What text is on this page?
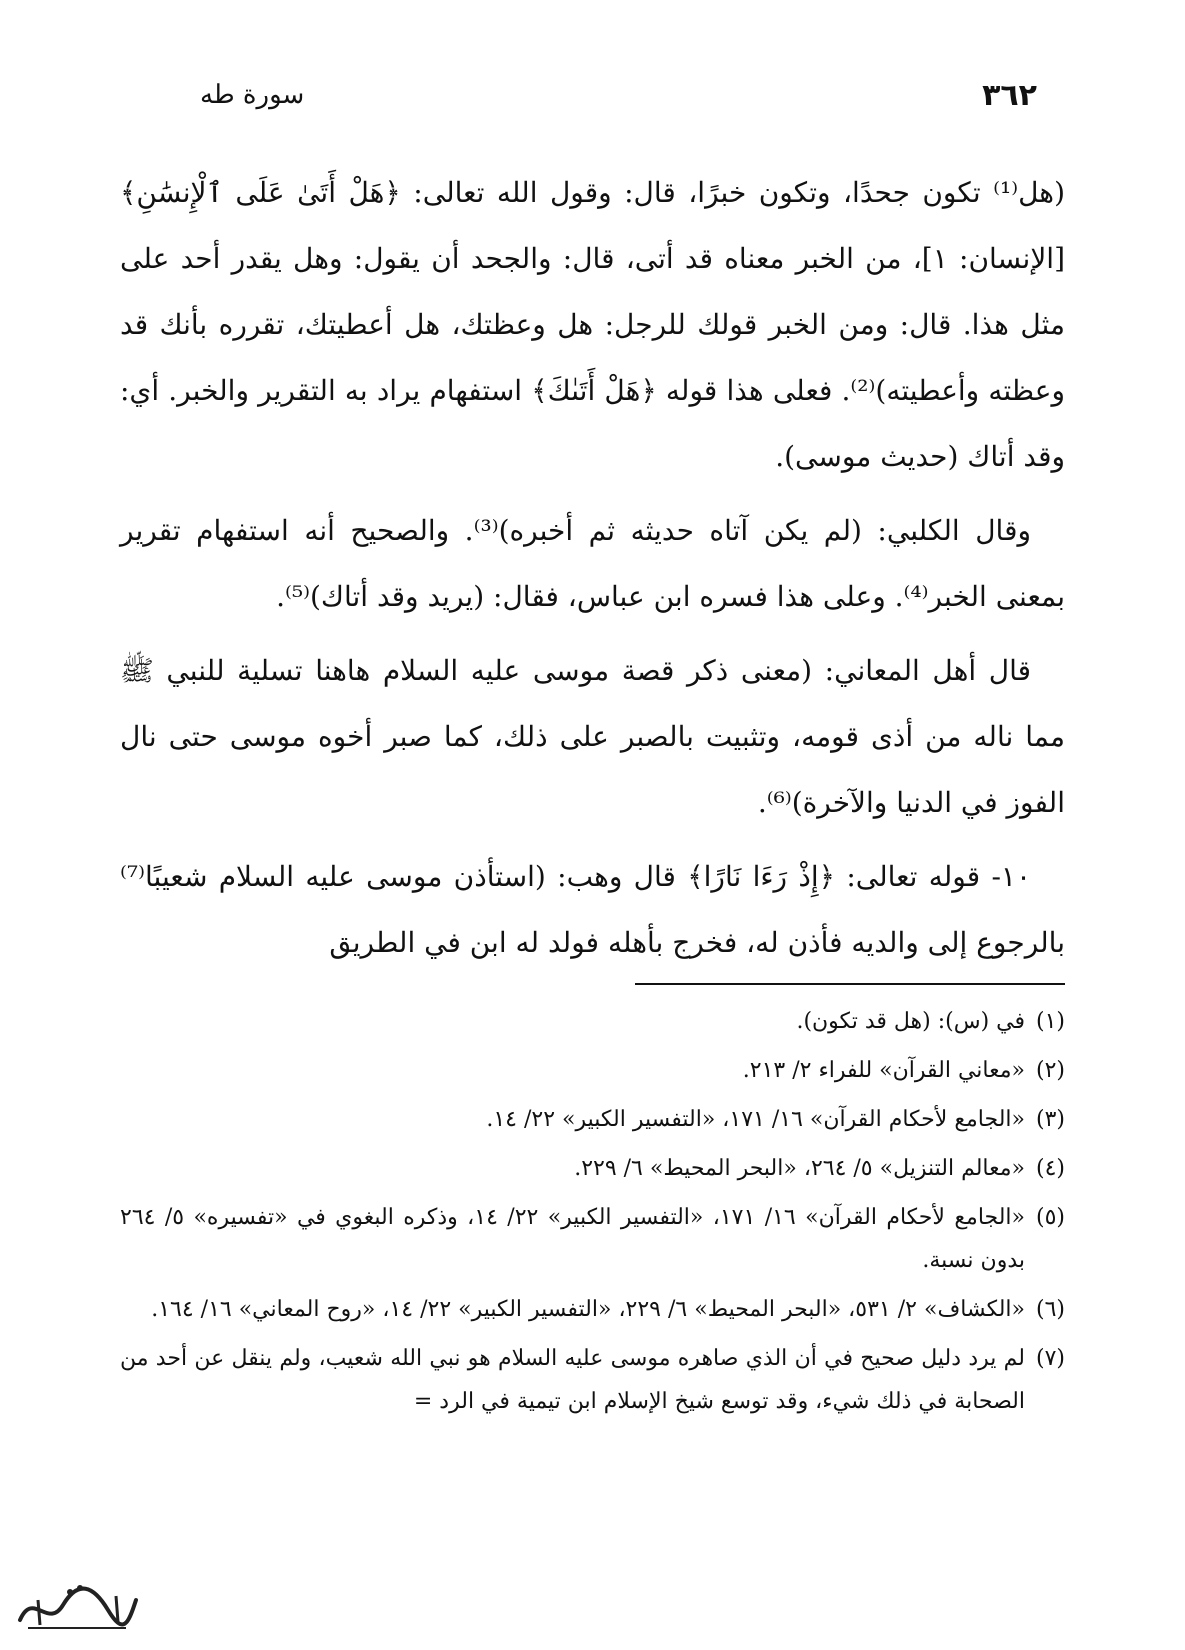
٣٦٢
سورة طه

(هل⁽¹⁾ تكون جحدًا، وتكون خبرًا، قال: وقول الله تعالى: ﴿هَلْ أَتَىٰ عَلَى ٱلْإِنسَٰنِ﴾ [الإنسان: ١]، من الخبر معناه قد أتى، قال: والجحد أن يقول: وهل يقدر أحد على مثل هذا. قال: ومن الخبر قولك للرجل: هل وعظتك، هل أعطيتك، تقرره بأنك قد وعظته وأعطيته)⁽²⁾. فعلى هذا قوله ﴿هَلْ أَتَىٰكَ﴾ استفهام يراد به التقرير والخبر. أي: وقد أتاك (حديث موسى).

وقال الكلبي: (لم يكن آتاه حديثه ثم أخبره)⁽³⁾. والصحيح أنه استفهام تقرير بمعنى الخبر⁽⁴⁾. وعلى هذا فسره ابن عباس، فقال: (يريد وقد أتاك)⁽⁵⁾.

قال أهل المعاني: (معنى ذكر قصة موسى عليه السلام هاهنا تسلية للنبي ﷺ مما ناله من أذى قومه، وتثبيت بالصبر على ذلك، كما صبر أخوه موسى حتى نال الفوز في الدنيا والآخرة)⁽⁶⁾.

١٠- قوله تعالى: ﴿إِذْ رَءَا نَارًا﴾ قال وهب: (استأذن موسى عليه السلام شعيبًا⁽⁷⁾ بالرجوع إلى والديه فأذن له، فخرج بأهله فولد له ابن في الطريق

(١)
في (س): (هل قد تكون).
(٢)
«معاني القرآن» للفراء ٢/ ٢١٣.
(٣)
«الجامع لأحكام القرآن» ١٦/ ١٧١، «التفسير الكبير» ٢٢/ ١٤.
(٤)
«معالم التنزيل» ٥/ ٢٦٤، «البحر المحيط» ٦/ ٢٢٩.
(٥)
«الجامع لأحكام القرآن» ١٦/ ١٧١، «التفسير الكبير» ٢٢/ ١٤، وذكره البغوي في «تفسيره» ٥/ ٢٦٤ بدون نسبة.
(٦)
«الكشاف» ٢/ ٥٣١، «البحر المحيط» ٦/ ٢٢٩، «التفسير الكبير» ٢٢/ ١٤، «روح المعاني» ١٦/ ١٦٤.
(٧)
لم يرد دليل صحيح في أن الذي صاهره موسى عليه السلام هو نبي الله شعيب، ولم ينقل عن أحد من الصحابة في ذلك شيء، وقد توسع شيخ الإسلام ابن تيمية في الرد =
